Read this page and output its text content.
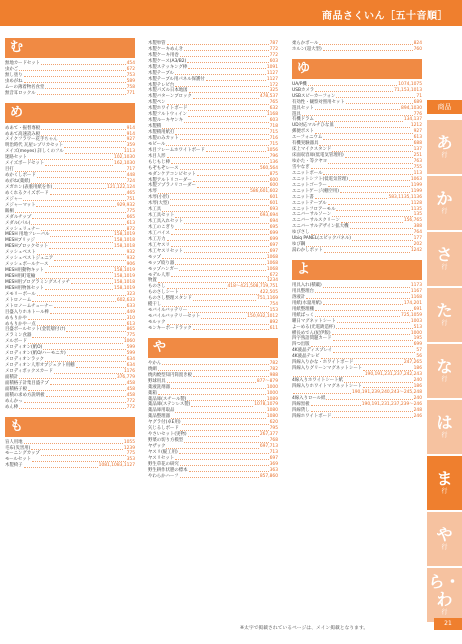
商品さくいん［五十音順］
む
無地カードセット	454
虫かご	672
無し塗り	753
虫めがね	589
ムーの薄着物名食堂	758
無音耳ロックル	771
め
めあて・振替専板	914
めあて高速読み板	914
メイクフラワー花手ちゃん	927
明治時代 瓦屋レプリカセット	359
メイズ(meyes) 詳しくのフル	1113
迷路セット	102,1030
メイズボードセット	162,1030
目打	717
めかくしボード	448
めがね(薬紙)	724
メガホン(表裏用紙を作)	121,122,124
めくれるクイズボード	465
メジャー	751
メジャーマット	929,932
飯桐	775
メダルチップ	665
メダル(パル)	613
メッシュリュナー	872
MESH 用地フレーバル	158,1019
MESHブリッジ	158,1018
MESHプロックセット	158,1018
メッシュベスト	932
メッシュベストジュニア	932
メッシュボールケース	906
MESH用動物キット	158,1019
MESH用町電輸	158,1019
MESH用プログラミングスイッチ	158,1018
MESH用物体セット	158,1019
メモリーボール	323
メトロノーム	602,633
メトロノームチューナー	633
目盛入りホネトール棒	449
めもりかや	310
めもりかや一点	613
目盛ボールセット(金装層付け)	865
メラミン食器	775
メルボード	1060
メロディオン(紙O)	599
メロディオン(紙O/ハーモニカ)	599
メロディオンラック	634
メロディオン人形オブジェクト用棚	634
メロディボックスカード	1176
面積計	376,779
面積格子計集目盛テプ	458
面積格子板	458
面積の求め方説明板	458
めんかっ	772
めん棒	772
も
盲人用地	1055
毛布(災害用)	1239
モーニングカップ	775
モールセット	353
木製椅子	1081,1083,1127
木製単管	787
木製ケーキめんき	772
木製ケーキ用巻	772
木製ケース(A3/B2)	603
木製ステッキング棒	1091
木製テーブル	1127
木製テーブル用パネル保護付	1127
木製テレビ台	172
木製パズル日本地図	325
木製バターンブロック	478,537
木製ペン	765
木製ホワイトボード	632
木製フルトウィイン	1168
木製ルーキヤンキ	603
木製積	718
木製積用紙打	715
木製のみカット	716
モビール	715
木目フレームホワイトボード	1056
木目人形	796
もじもじ棒	136
もぞもぞレース	560,564
モダンケアコンピセット	875
木製アルトリコーダー	600
木製ソプラノリコーダー	600
木琴	586,601,602
木琴(小形)	601
木琴(大型)	601
木工具	693
木工具セット	693,694
木工具入れセット	694
木工のこぎり	695
木工バイス	699
木工万力	699
木工ヤスリ	697
木工ヤスリセット	697
モップ	1068
モップ絞り器	1068
モップハンガー	1068
モデル人形	672
物置	1234
ものさし	418～421,508,719,751
ものさしシート	422,505
ものさし整理スタンド	751,1169
樅干し	754
モバイルバッテリー	153
モバイルバッテリーセット	150,932,1012
モルック	892
モンキーボードラック	611
や
やかん	782
焼網	782
焼肉焼型知円筒置き板	988
野球用具	877～879
薬液洗剤器	1000
薬箱	1000
薬品庫(スチール製)	1089
薬品庫(ステンレス製)	1078,1079
薬品庫用取品	1080
薬品整理器	1080
ヤグラ付(卓E用)	620
矢じるしボード	795
やさいセット(実物)	267,377
野菜の切り方模型	768
ヤザック	697,713
ヤスリ(縦工用)	713
ヤスリセット	697
野生草花の研究	369
野生耕作状態の標本	363
やわらかハーフ	857,860
柔らかボール	824
ホルン(超大型)	760
ゆ
UA/P機	1074,1075
USBカメラ	71,153,1013
USBスピーカーフォン	71
有効性・観察対照用セット	689
遊具セット	894,1030
遊具	776
有機ドラム	134,137
UD対応マルチひな皿	1212
郵便ポスト	927
ユーフォニウム	613
有機実験器具	688
床上マイクスタンド	137
床面収容庫(低電気管理用)	251
ゆかた・等クヤヨ	763
雪やなぎ	755
ユニットボール	113
ユニットシフト(低電気管理)	1063
ユニットゴーラー	1199
ユニットゲージ(棚空用)	1199
ユニット書	583,1135,1136
ユニットテーブル	1128
ユニットフロアーモル	1135
ユニバーサルソーン	135
ユニバーサルスクリーン	156,765
ユニバーサルデザイン拡大機	388
ゆびさし	764
Ubiq PANEL(ユビックパネル)	177
ゆび鋼	202
湯わかしポット	1242
よ
用具入れ(積載)	1173
用具整理台	1167
溶液計	1168
用紙(水量用紙)	174,201
用紙整理棚	691
用紙ばっく	725,1059
曜日マグネットシート	1003
よーめる(光電鋳造杯)	513
横長めでん(紀伊版)	1000
四字熟語問題カード	195
四つ出版	699
4K液晶ディスプレイ	57
4K液晶テレビ	56
四線入りかな・ホワイトボード	247,265
四線入りグリーンマグネットシート	186
190,191,231,237,242,243
4線入りホワイトシート紙	240
四線入りホワイトマグネットシート	186
190,191,239,240,243～245,248
4線入りロール紙	240
四線黒板	190,191,231,237,239～246
四線貸し	248
四線ホワイトボード	246
商品
あ
行
か
行
さ
行
た
行
な
行
は
行
ま
行
や
行
ら・わ
行
※太字で掲載されているページは、メイン掲載となります。
21
